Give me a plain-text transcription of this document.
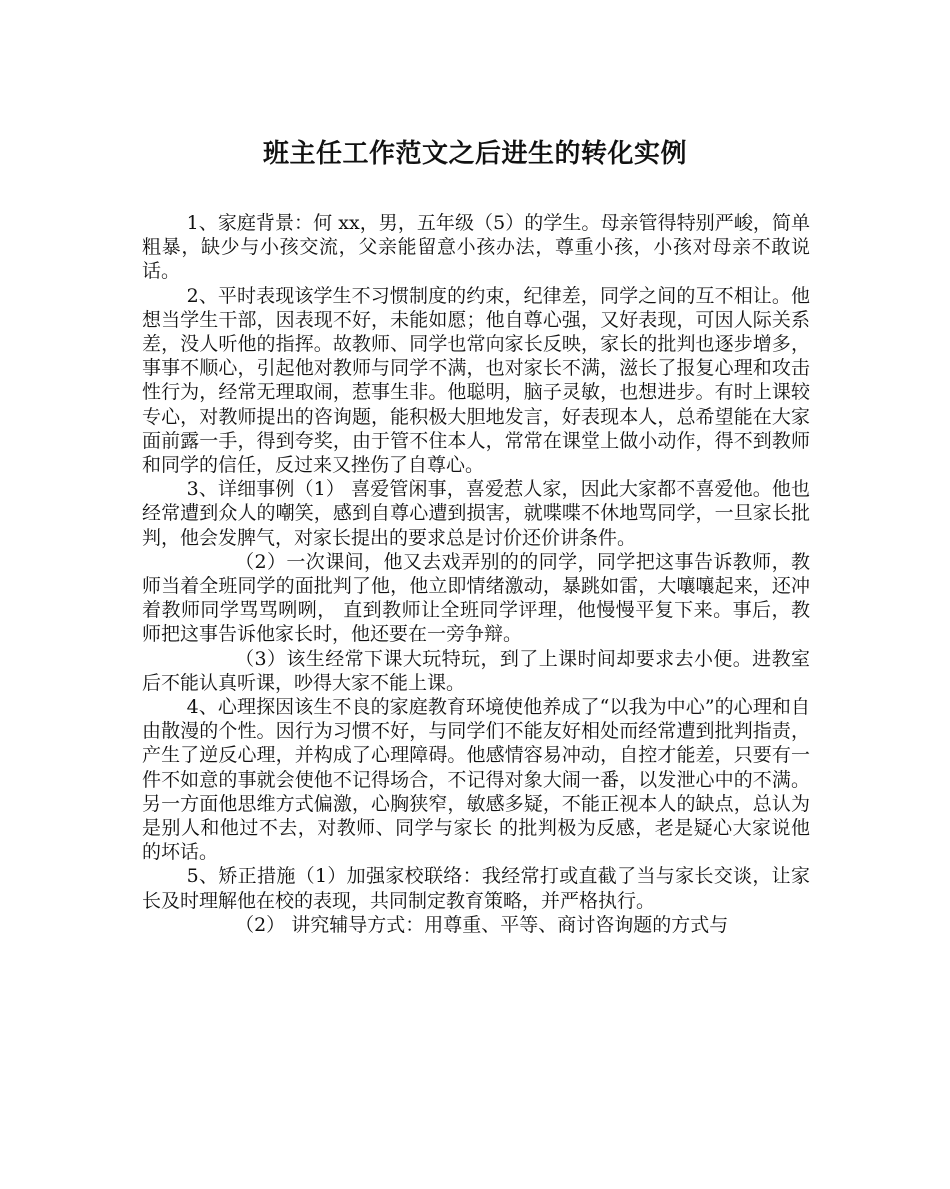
班主任工作范文之后进生的转化实例

1、家庭背景：何 xx，男，五年级（5）的学生。母亲管得特别严峻，简单粗暴，缺少与小孩交流，父亲能留意小孩办法，尊重小孩，小孩对母亲不敢说话。

2、平时表现该学生不习惯制度的约束，纪律差，同学之间的互不相让。他想当学生干部，因表现不好，未能如愿；他自尊心强，又好表现，可因人际关系差，没人听他的指挥。故教师、同学也常向家长反映，家长的批判也逐步增多，事事不顺心，引起他对教师与同学不满，也对家长不满，滋长了报复心理和攻击性行为，经常无理取闹，惹事生非。他聪明，脑子灵敏，也想进步。有时上课较专心，对教师提出的咨询题，能积极大胆地发言，好表现本人，总希望能在大家面前露一手，得到夸奖，由于管不住本人，常常在课堂上做小动作，得不到教师和同学的信任，反过来又挫伤了自尊心。

3、详细事例（1） 喜爱管闲事，喜爱惹人家，因此大家都不喜爱他。他也经常遭到众人的嘲笑，感到自尊心遭到损害，就喋喋不休地骂同学，一旦家长批判，他会发脾气，对家长提出的要求总是讨价还价讲条件。

（2）一次课间，他又去戏弄别的的同学，同学把这事告诉教师，教师当着全班同学的面批判了他，他立即情绪激动，暴跳如雷，大嚷嚷起来，还冲着教师同学骂骂咧咧， 直到教师让全班同学评理，他慢慢平复下来。事后，教师把这事告诉他家长时，他还要在一旁争辩。

（3）该生经常下课大玩特玩，到了上课时间却要求去小便。进教室后不能认真听课，吵得大家不能上课。

4、心理探因该生不良的家庭教育环境使他养成了“以我为中心”的心理和自由散漫的个性。因行为习惯不好，与同学们不能友好相处而经常遭到批判指责，产生了逆反心理，并构成了心理障碍。他感情容易冲动，自控才能差，只要有一件不如意的事就会使他不记得场合，不记得对象大闹一番，以发泄心中的不满。另一方面他思维方式偏激，心胸狭窄，敏感多疑，不能正视本人的缺点，总认为是别人和他过不去，对教师、同学与家长 的批判极为反感，老是疑心大家说他的坏话。

5、矫正措施（1）加强家校联络：我经常打或直截了当与家长交谈，让家长及时理解他在校的表现，共同制定教育策略，并严格执行。

（2） 讲究辅导方式：用尊重、平等、商讨咨询题的方式与
